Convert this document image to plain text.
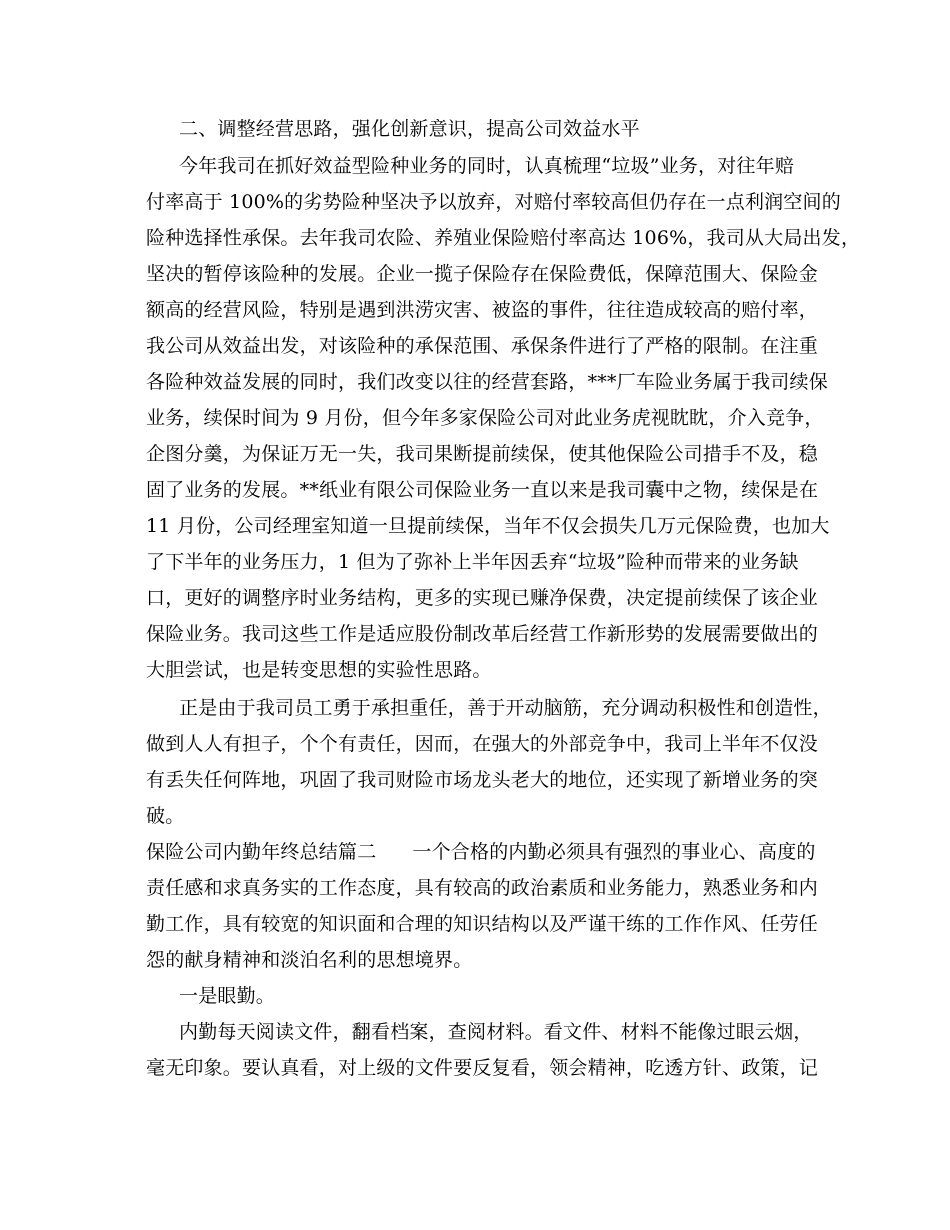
二、调整经营思路，强化创新意识，提高公司效益水平
今年我司在抓好效益型险种业务的同时，认真梳理“垃圾”业务，对往年赔
付率高于 100%的劣势险种坚决予以放弃，对赔付率较高但仍存在一点利润空间的
险种选择性承保。去年我司农险、养殖业保险赔付率高达 106%，我司从大局出发，
坚决的暂停该险种的发展。企业一揽子保险存在保险费低，保障范围大、保险金
额高的经营风险，特别是遇到洪涝灾害、被盗的事件，往往造成较高的赔付率，
我公司从效益出发，对该险种的承保范围、承保条件进行了严格的限制。在注重
各险种效益发展的同时，我们改变以往的经营套路，***厂车险业务属于我司续保
业务，续保时间为 9 月份，但今年多家保险公司对此业务虎视眈眈，介入竞争，
企图分羹，为保证万无一失，我司果断提前续保，使其他保险公司措手不及，稳
固了业务的发展。**纸业有限公司保险业务一直以来是我司囊中之物，续保是在
11 月份，公司经理室知道一旦提前续保，当年不仅会损失几万元保险费，也加大
了下半年的业务压力，1 但为了弥补上半年因丢弃“垃圾”险种而带来的业务缺
口，更好的调整序时业务结构，更多的实现已赚净保费，决定提前续保了该企业
保险业务。我司这些工作是适应股份制改革后经营工作新形势的发展需要做出的
大胆尝试，也是转变思想的实验性思路。
正是由于我司员工勇于承担重任，善于开动脑筋，充分调动积极性和创造性，
做到人人有担子，个个有责任，因而，在强大的外部竞争中，我司上半年不仅没
有丢失任何阵地，巩固了我司财险市场龙头老大的地位，还实现了新增业务的突
破。
保险公司内勤年终总结篇二 一个合格的内勤必须具有强烈的事业心、高度的
责任感和求真务实的工作态度，具有较高的政治素质和业务能力，熟悉业务和内
勤工作，具有较宽的知识面和合理的知识结构以及严谨干练的工作作风、任劳任
怨的献身精神和淡泊名利的思想境界。
一是眼勤。
内勤每天阅读文件，翻看档案，查阅材料。看文件、材料不能像过眼云烟，
毫无印象。要认真看，对上级的文件要反复看，领会精神，吃透方针、政策，记
